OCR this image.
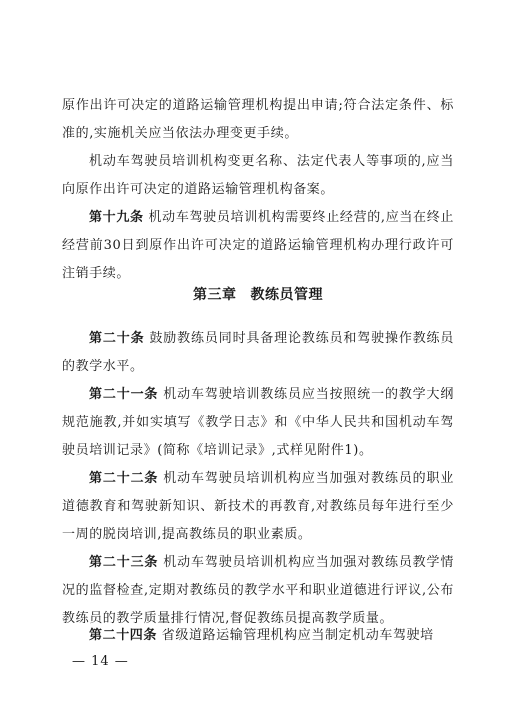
原作出许可决定的道路运输管理机构提出申请;符合法定条件、标准的,实施机关应当依法办理变更手续。

机动车驾驶员培训机构变更名称、法定代表人等事项的,应当向原作出许可决定的道路运输管理机构备案。

第十九条 机动车驾驶员培训机构需要终止经营的,应当在终止经营前30日到原作出许可决定的道路运输管理机构办理行政许可注销手续。

第三章 教练员管理

第二十条 鼓励教练员同时具备理论教练员和驾驶操作教练员的教学水平。

第二十一条 机动车驾驶培训教练员应当按照统一的教学大纲规范施教,并如实填写《教学日志》和《中华人民共和国机动车驾驶员培训记录》(简称《培训记录》,式样见附件1)。

第二十二条 机动车驾驶员培训机构应当加强对教练员的职业道德教育和驾驶新知识、新技术的再教育,对教练员每年进行至少一周的脱岗培训,提高教练员的职业素质。

第二十三条 机动车驾驶员培训机构应当加强对教练员教学情况的监督检查,定期对教练员的教学水平和职业道德进行评议,公布教练员的教学质量排行情况,督促教练员提高教学质量。

第二十四条 省级道路运输管理机构应当制定机动车驾驶培

— 14 —
